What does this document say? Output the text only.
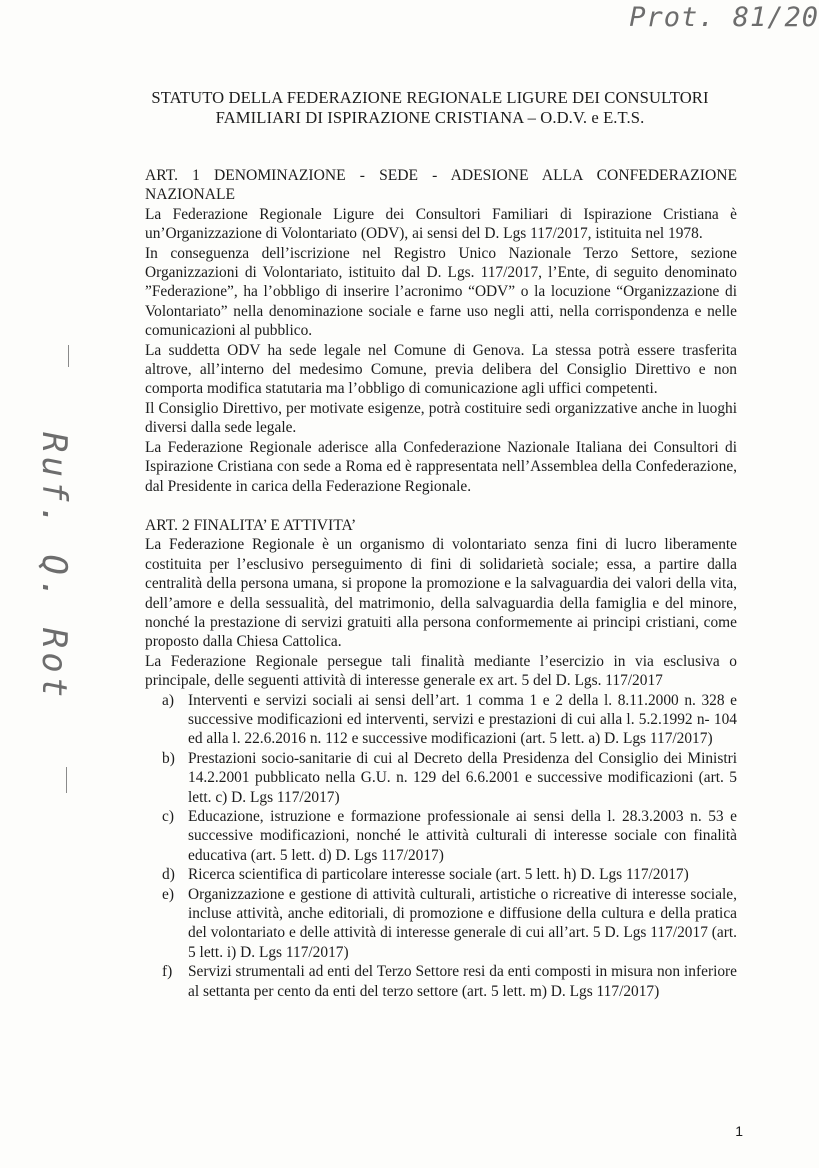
Prot. 81/20
Ruf. Q. Rot
STATUTO DELLA FEDERAZIONE REGIONALE LIGURE DEI CONSULTORI
FAMILIARI DI ISPIRAZIONE CRISTIANA – O.D.V. e E.T.S.

ART. 1 DENOMINAZIONE - SEDE - ADESIONE ALLA CONFEDERAZIONE NAZIONALE

La Federazione Regionale Ligure dei Consultori Familiari di Ispirazione Cristiana è un’Organizzazione di Volontariato (ODV), ai sensi del D. Lgs 117/2017, istituita nel 1978.

In conseguenza dell’iscrizione nel Registro Unico Nazionale Terzo Settore, sezione Organizzazioni di Volontariato, istituito dal D. Lgs. 117/2017, l’Ente, di seguito denominato ”Federazione”, ha l’obbligo di inserire l’acronimo “ODV” o la locuzione “Organizzazione di Volontariato” nella denominazione sociale e farne uso negli atti, nella corrispondenza e nelle comunicazioni al pubblico.

La suddetta ODV ha sede legale nel Comune di Genova. La stessa potrà essere trasferita altrove, all’interno del medesimo Comune, previa delibera del Consiglio Direttivo e non comporta modifica statutaria ma l’obbligo di comunicazione agli uffici competenti.

Il Consiglio Direttivo, per motivate esigenze, potrà costituire sedi organizzative anche in luoghi diversi dalla sede legale.

La Federazione Regionale aderisce alla Confederazione Nazionale Italiana dei Consultori di Ispirazione Cristiana con sede a Roma ed è rappresentata nell’Assemblea della Confederazione, dal Presidente in carica della Federazione Regionale.

ART. 2 FINALITA’ E ATTIVITA’

La Federazione Regionale è un organismo di volontariato senza fini di lucro liberamente costituita per l’esclusivo perseguimento di fini di solidarietà sociale; essa, a partire dalla centralità della persona umana, si propone la promozione e la salvaguardia dei valori della vita, dell’amore e della sessualità, del matrimonio, della salvaguardia della famiglia e del minore, nonché la prestazione di servizi gratuiti alla persona conformemente ai principi cristiani, come proposto dalla Chiesa Cattolica.

La Federazione Regionale persegue tali finalità mediante l’esercizio in via esclusiva o principale, delle seguenti attività di interesse generale ex art. 5 del D. Lgs. 117/2017

a) Interventi e servizi sociali ai sensi dell’art. 1 comma 1 e 2 della l. 8.11.2000 n. 328 e successive modificazioni ed interventi, servizi e prestazioni di cui alla l. 5.2.1992 n- 104 ed alla l. 22.6.2016 n. 112 e successive modificazioni (art. 5 lett. a) D. Lgs 117/2017)
b) Prestazioni socio-sanitarie di cui al Decreto della Presidenza del Consiglio dei Ministri 14.2.2001 pubblicato nella G.U. n. 129 del 6.6.2001 e successive modificazioni (art. 5 lett. c) D. Lgs 117/2017)
c) Educazione, istruzione e formazione professionale ai sensi della l. 28.3.2003 n. 53 e successive modificazioni, nonché le attività culturali di interesse sociale con finalità educativa (art. 5 lett. d) D. Lgs 117/2017)
d) Ricerca scientifica di particolare interesse sociale (art. 5 lett. h) D. Lgs 117/2017)
e) Organizzazione e gestione di attività culturali, artistiche o ricreative di interesse sociale, incluse attività, anche editoriali, di promozione e diffusione della cultura e della pratica del volontariato e delle attività di interesse generale di cui all’art. 5 D. Lgs 117/2017 (art. 5 lett. i) D. Lgs 117/2017)
f) Servizi strumentali ad enti del Terzo Settore resi da enti composti in misura non inferiore al settanta per cento da enti del terzo settore (art. 5 lett. m) D. Lgs 117/2017)
1
